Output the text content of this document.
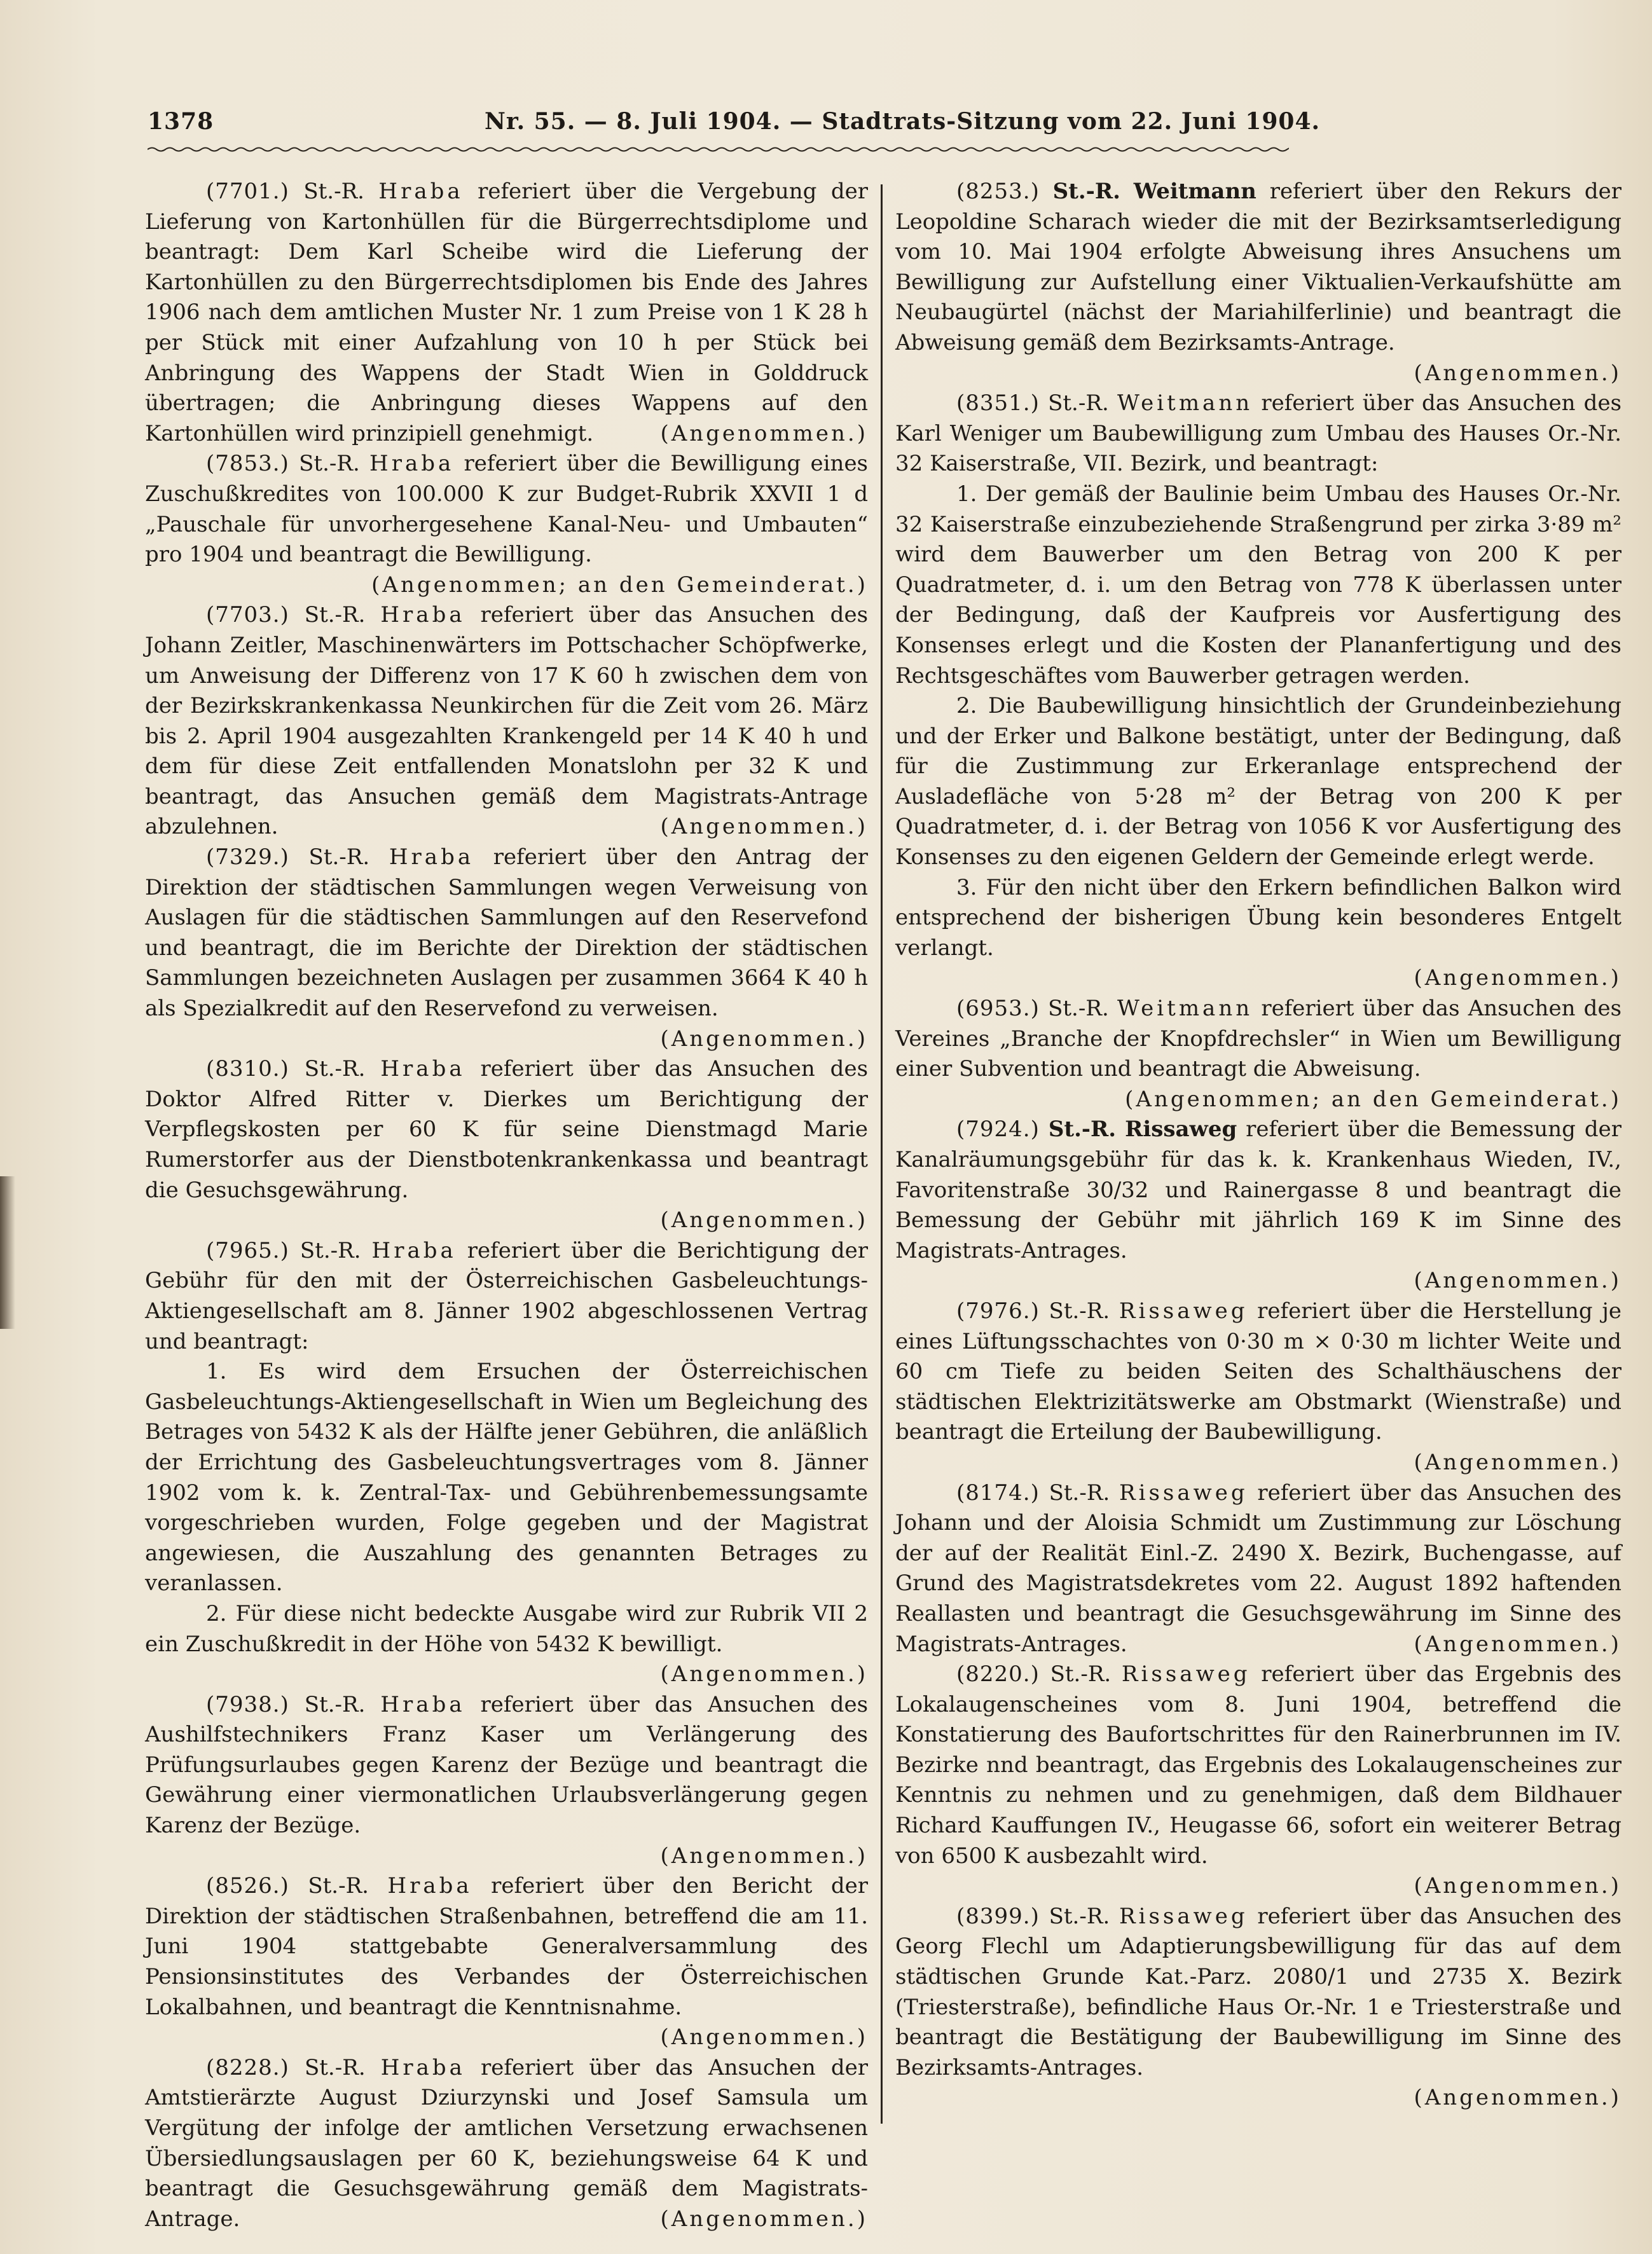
1378	Nr. 55. — 8. Juli 1904. — Stadtrats-Sitzung vom 22. Juni 1904.

(7701.) St.-R. Hraba referiert über die Vergebung der Lieferung von Kartonhüllen für die Bürgerrechtsdiplome und beantragt: Dem Karl Scheibe wird die Lieferung der Kartonhüllen zu den Bürgerrechtsdiplomen bis Ende des Jahres 1906 nach dem amtlichen Muster Nr. 1 zum Preise von 1 K 28 h per Stück mit einer Aufzahlung von 10 h per Stück bei Anbringung des Wappens der Stadt Wien in Golddruck übertragen; die Anbringung dieses Wappens auf den Kartonhüllen wird prinzipiell genehmigt.	(Angenommen.)

(7853.) St.-R. Hraba referiert über die Bewilligung eines Zuschußkredites von 100.000 K zur Budget-Rubrik XXVII 1 d „Pauschale für unvorhergesehene Kanal-Neu- und Umbauten“ pro 1904 und beantragt die Bewilligung.

(Angenommen; an den Gemeinderat.)

(7703.) St.-R. Hraba referiert über das Ansuchen des Johann Zeitler, Maschinenwärters im Pottschacher Schöpfwerke, um Anweisung der Differenz von 17 K 60 h zwischen dem von der Bezirkskrankenkassa Neunkirchen für die Zeit vom 26. März bis 2. April 1904 ausgezahlten Krankengeld per 14 K 40 h und dem für diese Zeit entfallenden Monatslohn per 32 K und beantragt, das Ansuchen gemäß dem Magistrats-Antrage abzulehnen.	(Angenommen.)

(7329.) St.-R. Hraba referiert über den Antrag der Direktion der städtischen Sammlungen wegen Verweisung von Auslagen für die städtischen Sammlungen auf den Reservefond und beantragt, die im Berichte der Direktion der städtischen Sammlungen bezeichneten Auslagen per zusammen 3664 K 40 h als Spezialkredit auf den Reservefond zu verweisen.
(Angenommen.)

(8310.) St.-R. Hraba referiert über das Ansuchen des Doktor Alfred Ritter v. Dierkes um Berichtigung der Verpflegskosten per 60 K für seine Dienstmagd Marie Rumerstorfer aus der Dienstbotenkrankenkassa und beantragt die Gesuchsgewährung.

(Angenommen.)

(7965.) St.-R. Hraba referiert über die Berichtigung der Gebühr für den mit der Österreichischen Gasbeleuchtungs-Aktiengesellschaft am 8. Jänner 1902 abgeschlossenen Vertrag und beantragt:

1. Es wird dem Ersuchen der Österreichischen Gasbeleuchtungs-Aktiengesellschaft in Wien um Begleichung des Betrages von 5432 K als der Hälfte jener Gebühren, die anläßlich der Errichtung des Gasbeleuchtungsvertrages vom 8. Jänner 1902 vom k. k. Zentral-Tax- und Gebührenbemessungsamte vorgeschrieben wurden, Folge gegeben und der Magistrat angewiesen, die Auszahlung des genannten Betrages zu veranlassen.

2. Für diese nicht bedeckte Ausgabe wird zur Rubrik VII 2 ein Zuschußkredit in der Höhe von 5432 K bewilligt.
(Angenommen.)

(7938.) St.-R. Hraba referiert über das Ansuchen des Aushilfstechnikers Franz Kaser um Verlängerung des Prüfungsurlaubes gegen Karenz der Bezüge und beantragt die Gewährung einer viermonatlichen Urlaubsverlängerung gegen Karenz der Bezüge.

(Angenommen.)

(8526.) St.-R. Hraba referiert über den Bericht der Direktion der städtischen Straßenbahnen, betreffend die am 11. Juni 1904 stattgebabte Generalversammlung des Pensionsinstitutes des Verbandes der Österreichischen Lokalbahnen, und beantragt die Kenntnisnahme.

(Angenommen.)

(8228.) St.-R. Hraba referiert über das Ansuchen der Amtstierärzte August Dziurzynski und Josef Samsula um Vergütung der infolge der amtlichen Versetzung erwachsenen Übersiedlungsauslagen per 60 K, beziehungsweise 64 K und beantragt die Gesuchsgewährung gemäß dem Magistrats-Antrage.	(Angenommen.)

(8253.) St.-R. Weitmann referiert über den Rekurs der Leopoldine Scharach wieder die mit der Bezirksamtserledigung vom 10. Mai 1904 erfolgte Abweisung ihres Ansuchens um Bewilligung zur Aufstellung einer Viktualien-Verkaufshütte am Neubaugürtel (nächst der Mariahilferlinie) und beantragt die Abweisung gemäß dem Bezirksamts-Antrage.
(Angenommen.)

(8351.) St.-R. Weitmann referiert über das Ansuchen des Karl Weniger um Baubewilligung zum Umbau des Hauses Or.-Nr. 32 Kaiserstraße, VII. Bezirk, und beantragt:

1. Der gemäß der Baulinie beim Umbau des Hauses Or.-Nr. 32 Kaiserstraße einzubeziehende Straßengrund per zirka 3·89 m² wird dem Bauwerber um den Betrag von 200 K per Quadratmeter, d. i. um den Betrag von 778 K überlassen unter der Bedingung, daß der Kaufpreis vor Ausfertigung des Konsenses erlegt und die Kosten der Plananfertigung und des Rechtsgeschäftes vom Bauwerber getragen werden.

2. Die Baubewilligung hinsichtlich der Grundeinbeziehung und der Erker und Balkone bestätigt, unter der Bedingung, daß für die Zustimmung zur Erkeranlage entsprechend der Ausladefläche von 5·28 m² der Betrag von 200 K per Quadratmeter, d. i. der Betrag von 1056 K vor Ausfertigung des Konsenses zu den eigenen Geldern der Gemeinde erlegt werde.

3. Für den nicht über den Erkern befindlichen Balkon wird entsprechend der bisherigen Übung kein besonderes Entgelt verlangt.

(Angenommen.)

(6953.) St.-R. Weitmann referiert über das Ansuchen des Vereines „Branche der Knopfdrechsler“ in Wien um Bewilligung einer Subvention und beantragt die Abweisung.

(Angenommen; an den Gemeinderat.)

(7924.) St.-R. Rissaweg referiert über die Bemessung der Kanalräumungsgebühr für das k. k. Krankenhaus Wieden, IV., Favoritenstraße 30/32 und Rainergasse 8 und beantragt die Bemessung der Gebühr mit jährlich 169 K im Sinne des Magistrats-Antrages.

(Angenommen.)

(7976.) St.-R. Rissaweg referiert über die Herstellung je eines Lüftungsschachtes von 0·30 m × 0·30 m lichter Weite und 60 cm Tiefe zu beiden Seiten des Schalthäuschens der städtischen Elektrizitätswerke am Obstmarkt (Wienstraße) und beantragt die Erteilung der Baubewilligung.
(Angenommen.)

(8174.) St.-R. Rissaweg referiert über das Ansuchen des Johann und der Aloisia Schmidt um Zustimmung zur Löschung der auf der Realität Einl.-Z. 2490 X. Bezirk, Buchengasse, auf Grund des Magistratsdekretes vom 22. August 1892 haftenden Reallasten und beantragt die Gesuchsgewährung im Sinne des Magistrats-Antrages.	(Angenommen.)

(8220.) St.-R. Rissaweg referiert über das Ergebnis des Lokalaugenscheines vom 8. Juni 1904, betreffend die Konstatierung des Baufortschrittes für den Rainerbrunnen im IV. Bezirke nnd beantragt, das Ergebnis des Lokalaugenscheines zur Kenntnis zu nehmen und zu genehmigen, daß dem Bildhauer Richard Kauffungen IV., Heugasse 66, sofort ein weiterer Betrag von 6500 K ausbezahlt wird.

(Angenommen.)

(8399.) St.-R. Rissaweg referiert über das Ansuchen des Georg Flechl um Adaptierungsbewilligung für das auf dem städtischen Grunde Kat.-Parz. 2080/1 und 2735 X. Bezirk (Triesterstraße), befindliche Haus Or.-Nr. 1 e Triesterstraße und beantragt die Bestätigung der Baubewilligung im Sinne des Bezirksamts-Antrages.

(Angenommen.)
